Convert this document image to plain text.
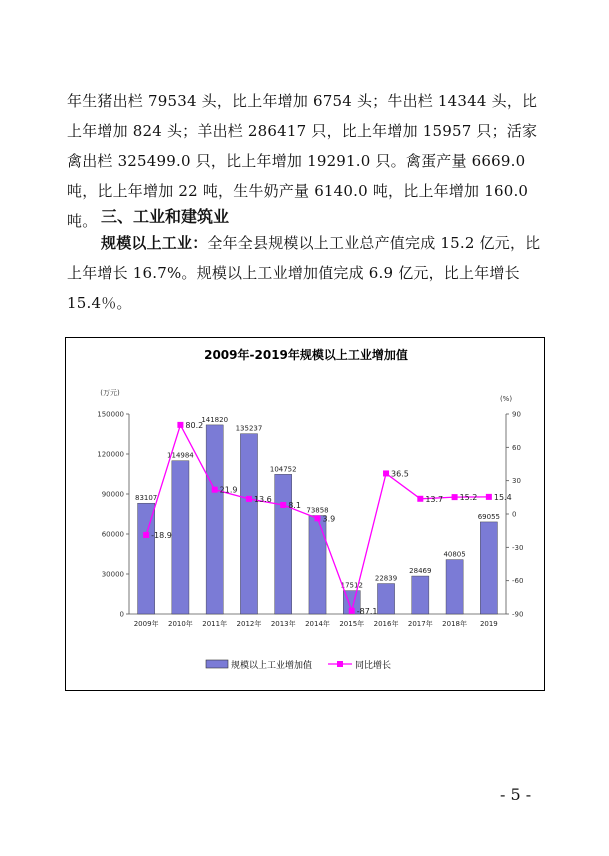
年生猪出栏 79534 头，比上年增加 6754 头；牛出栏 14344 头，比上年增加 824 头；羊出栏 286417 只，比上年增加 15957 只；活家禽出栏 325499.0 只，比上年增加 19291.0 只。禽蛋产量 6669.0 吨，比上年增加 22 吨，生牛奶产量 6140.0 吨，比上年增加 160.0 吨。 三、工业和建筑业
规模以上工业：全年全县规模以上工业总产值完成 15.2 亿元，比上年增长 16.7%。规模以上工业增加值完成 6.9 亿元，比上年增长 15.4％。
2009年-2019年规模以上工业增加值
(万元)
(%)
0
30000
60000
90000
120000
150000
-90
-60
-30
0
30
60
90
83107
2009年
114984
2010年
141820
2011年
135237
2012年
104752
2013年
73858
2014年
17512
2015年
22839
2016年
28469
2017年
40805
2018年
69055
2019
-18.9
80.2
21.9
13.6
8.1
3.9
-87.1
36.5
13.7 15.2 15.4
规模以上工业增加值	同比增长
- 5 -
